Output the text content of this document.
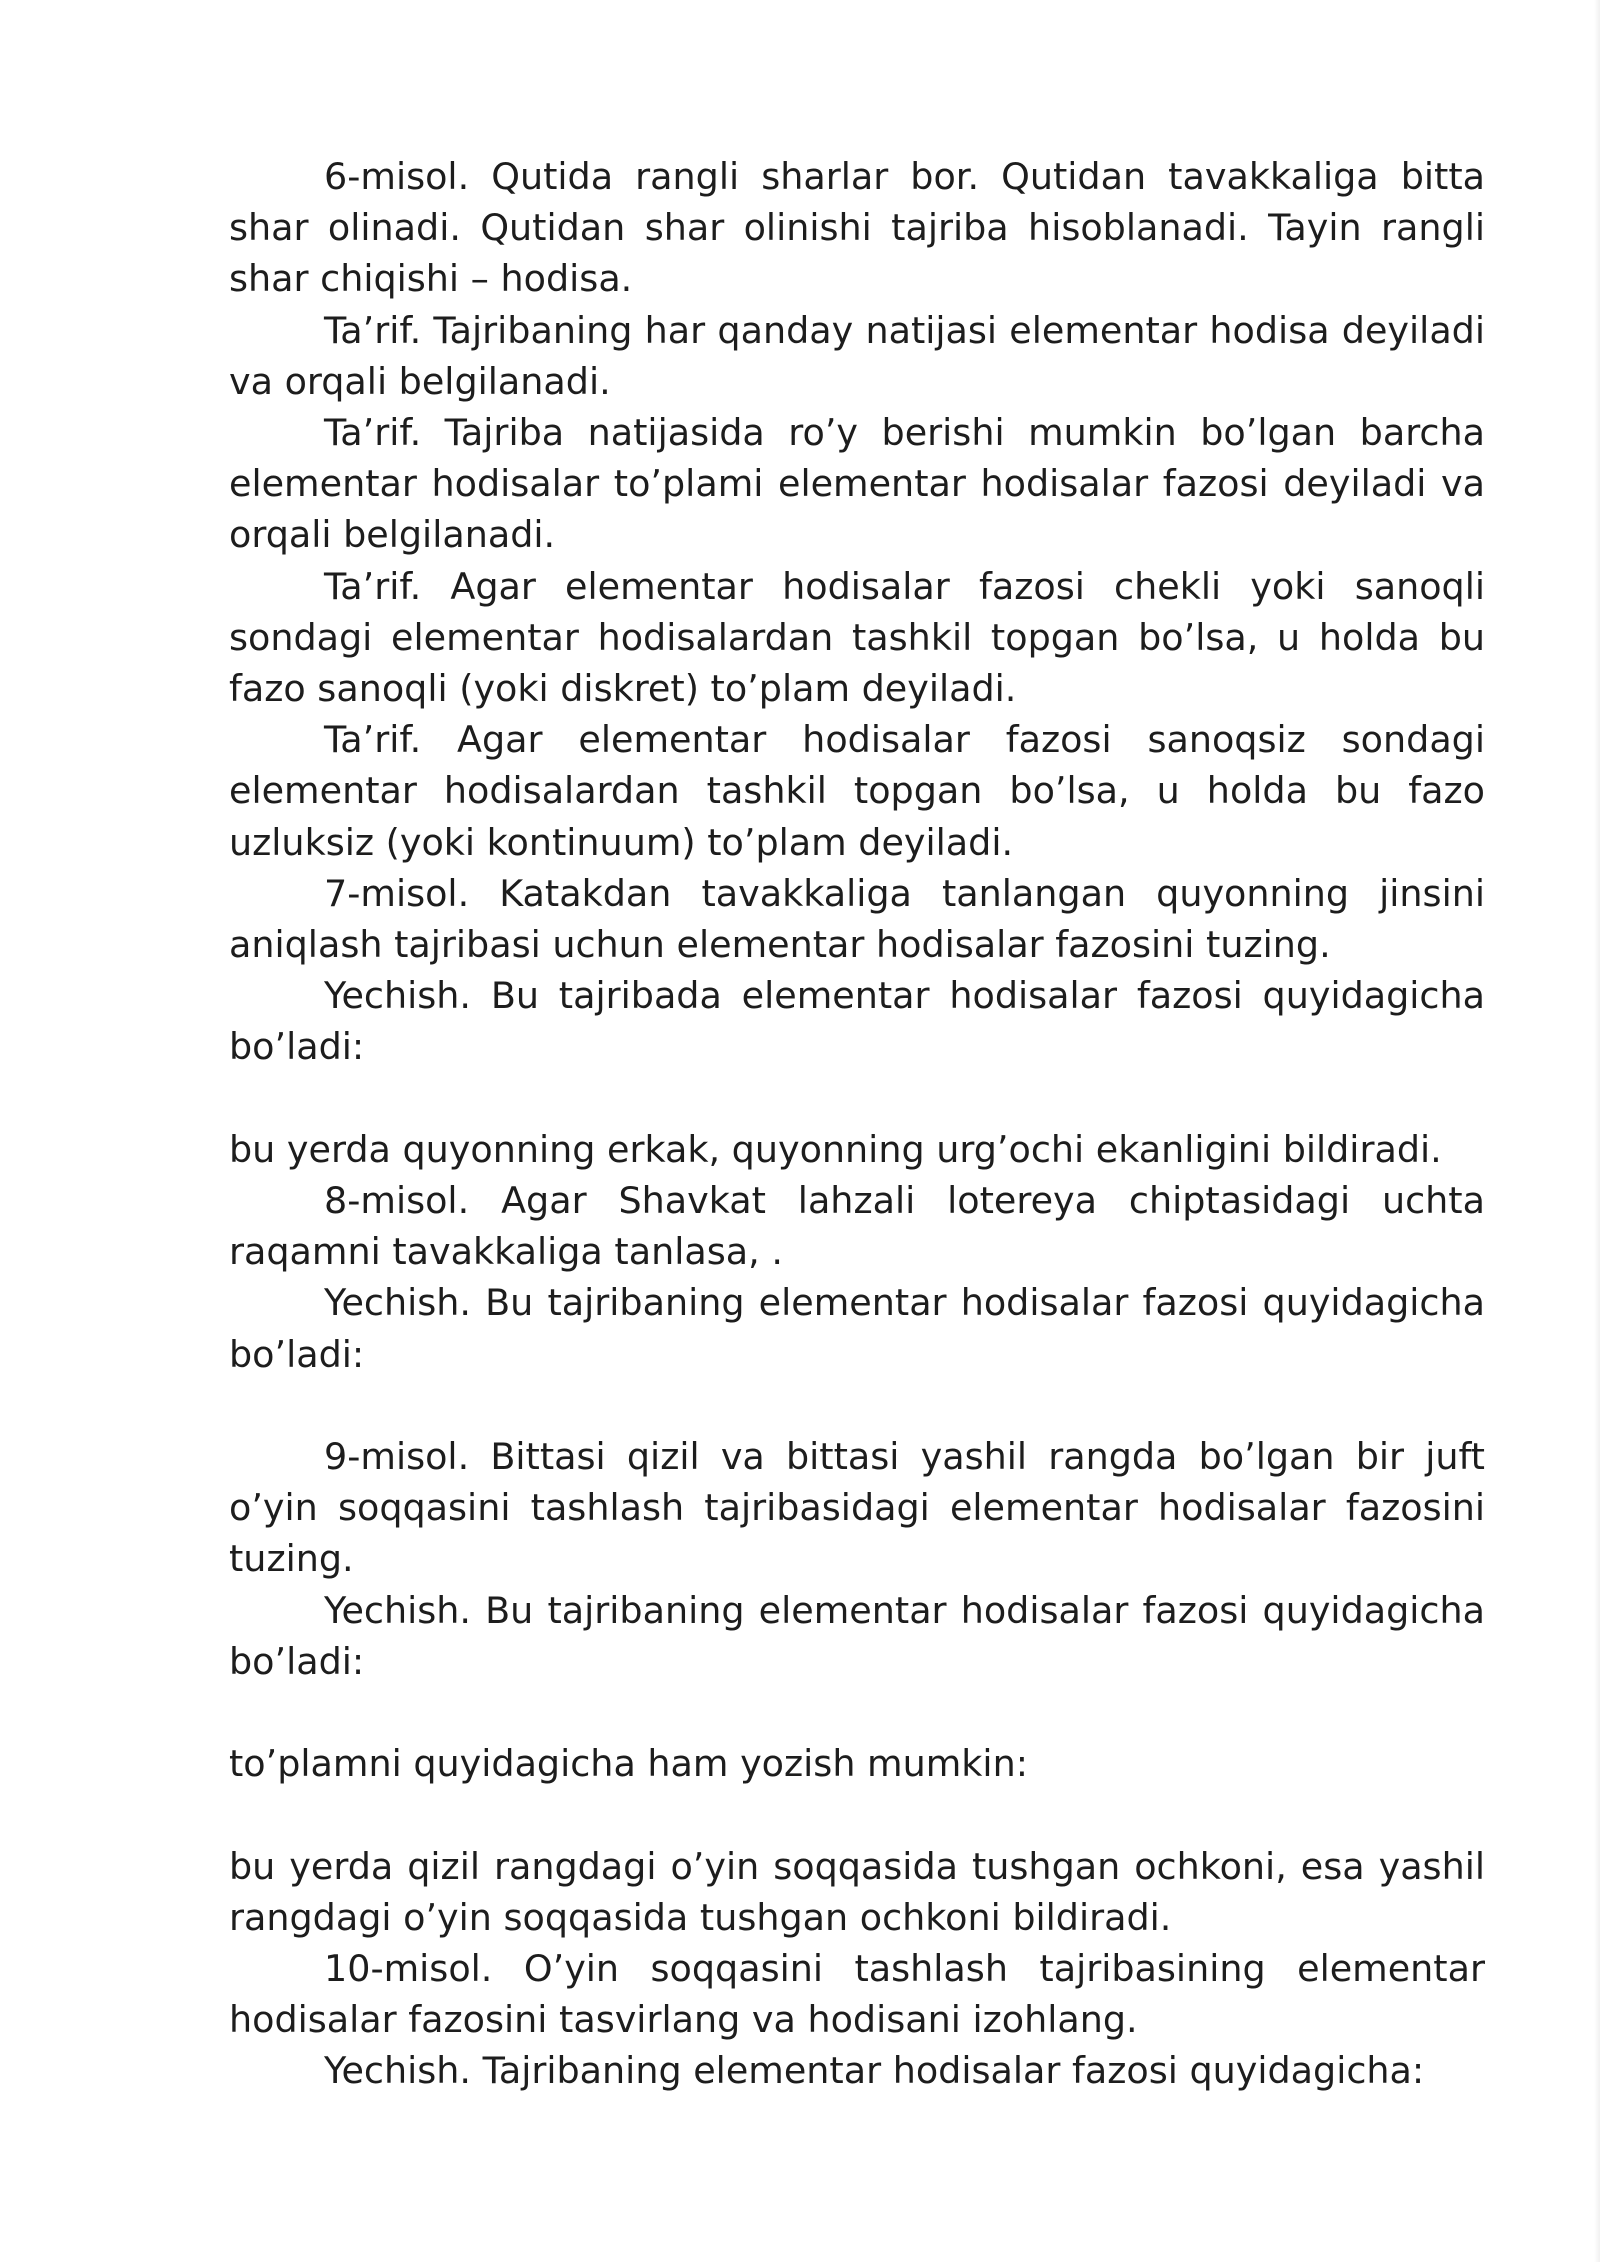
6-misol. Qutida rangli sharlar bor. Qutidan tavakkaliga bitta shar olinadi. Qutidan shar olinishi tajriba hisoblanadi. Tayin rangli shar chiqishi – hodisa.

Ta’rif. Tajribaning har qanday natijasi elementar hodisa deyiladi va orqali belgilanadi.

Ta’rif. Tajriba natijasida ro’y berishi mumkin bo’lgan barcha elementar hodisalar to’plami elementar hodisalar fazosi deyiladi va orqali belgilanadi.

Ta’rif. Agar elementar hodisalar fazosi chekli yoki sanoqli sondagi elementar hodisalardan tashkil topgan bo’lsa, u holda bu fazo sanoqli (yoki diskret) to’plam deyiladi.

Ta’rif. Agar elementar hodisalar fazosi sanoqsiz sondagi elementar hodisalardan tashkil topgan bo’lsa, u holda bu fazo uzluksiz (yoki kontinuum) to’plam deyiladi.

7-misol. Katakdan tavakkaliga tanlangan quyonning jinsini aniqlash tajribasi uchun elementar hodisalar fazosini tuzing.

Yechish. Bu tajribada elementar hodisalar fazosi quyidagicha bo’ladi:

bu yerda quyonning erkak, quyonning urg’ochi ekanligini bildiradi.

8-misol. Agar Shavkat lahzali lotereya chiptasidagi uchta raqamni tavakkaliga tanlasa, .

Yechish. Bu tajribaning elementar hodisalar fazosi quyidagicha bo’ladi:

9-misol. Bittasi qizil va bittasi yashil rangda bo’lgan bir juft o’yin soqqasini tashlash tajribasidagi elementar hodisalar fazosini tuzing.

Yechish. Bu tajribaning elementar hodisalar fazosi quyidagicha bo’ladi:

to’plamni quyidagicha ham yozish mumkin:

bu yerda qizil rangdagi o’yin soqqasida tushgan ochkoni, esa yashil rangdagi o’yin soqqasida tushgan ochkoni bildiradi.

10-misol. O’yin soqqasini tashlash tajribasining elementar hodisalar fazosini tasvirlang va hodisani izohlang.

Yechish. Tajribaning elementar hodisalar fazosi quyidagicha:
